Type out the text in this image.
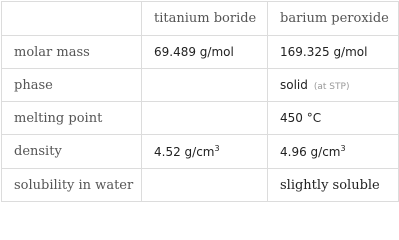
	titanium boride	barium peroxide
molar mass	69.489 g/mol	169.325 g/mol
phase		solid (at STP)
melting point		450 °C
density	4.52 $g/cm^3$	4.96 $g/cm^3$
solubility in water		slightly soluble
